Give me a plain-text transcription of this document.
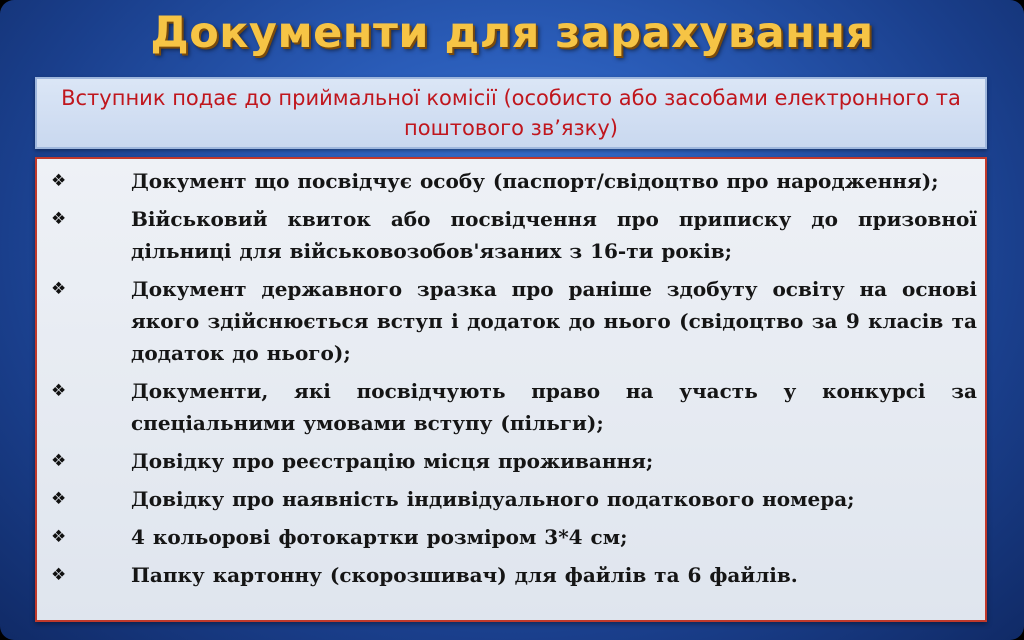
Документи для зарахування
Вступник подає до приймальної комісії (особисто або засобами електронного та поштового зв’язку)
❖	Документ що посвідчує особу (паспорт/свідоцтво про народження);
❖	Військовий квиток або посвідчення про приписку до призовної дільниці для військовозобов'язаних з 16-ти років;
❖	Документ державного зразка про раніше здобуту освіту на основі якого здійснюється вступ і додаток до нього (свідоцтво за 9 класів та додаток до нього);
❖	Документи, які посвідчують право на участь у конкурсі за спеціальними умовами вступу (пільги);
❖	Довідку про реєстрацію місця проживання;
❖	Довідку про наявність індивідуального податкового номера;
❖	4 кольорові фотокартки розміром 3*4 см;
❖	Папку картонну (скорозшивач) для файлів та 6 файлів.
